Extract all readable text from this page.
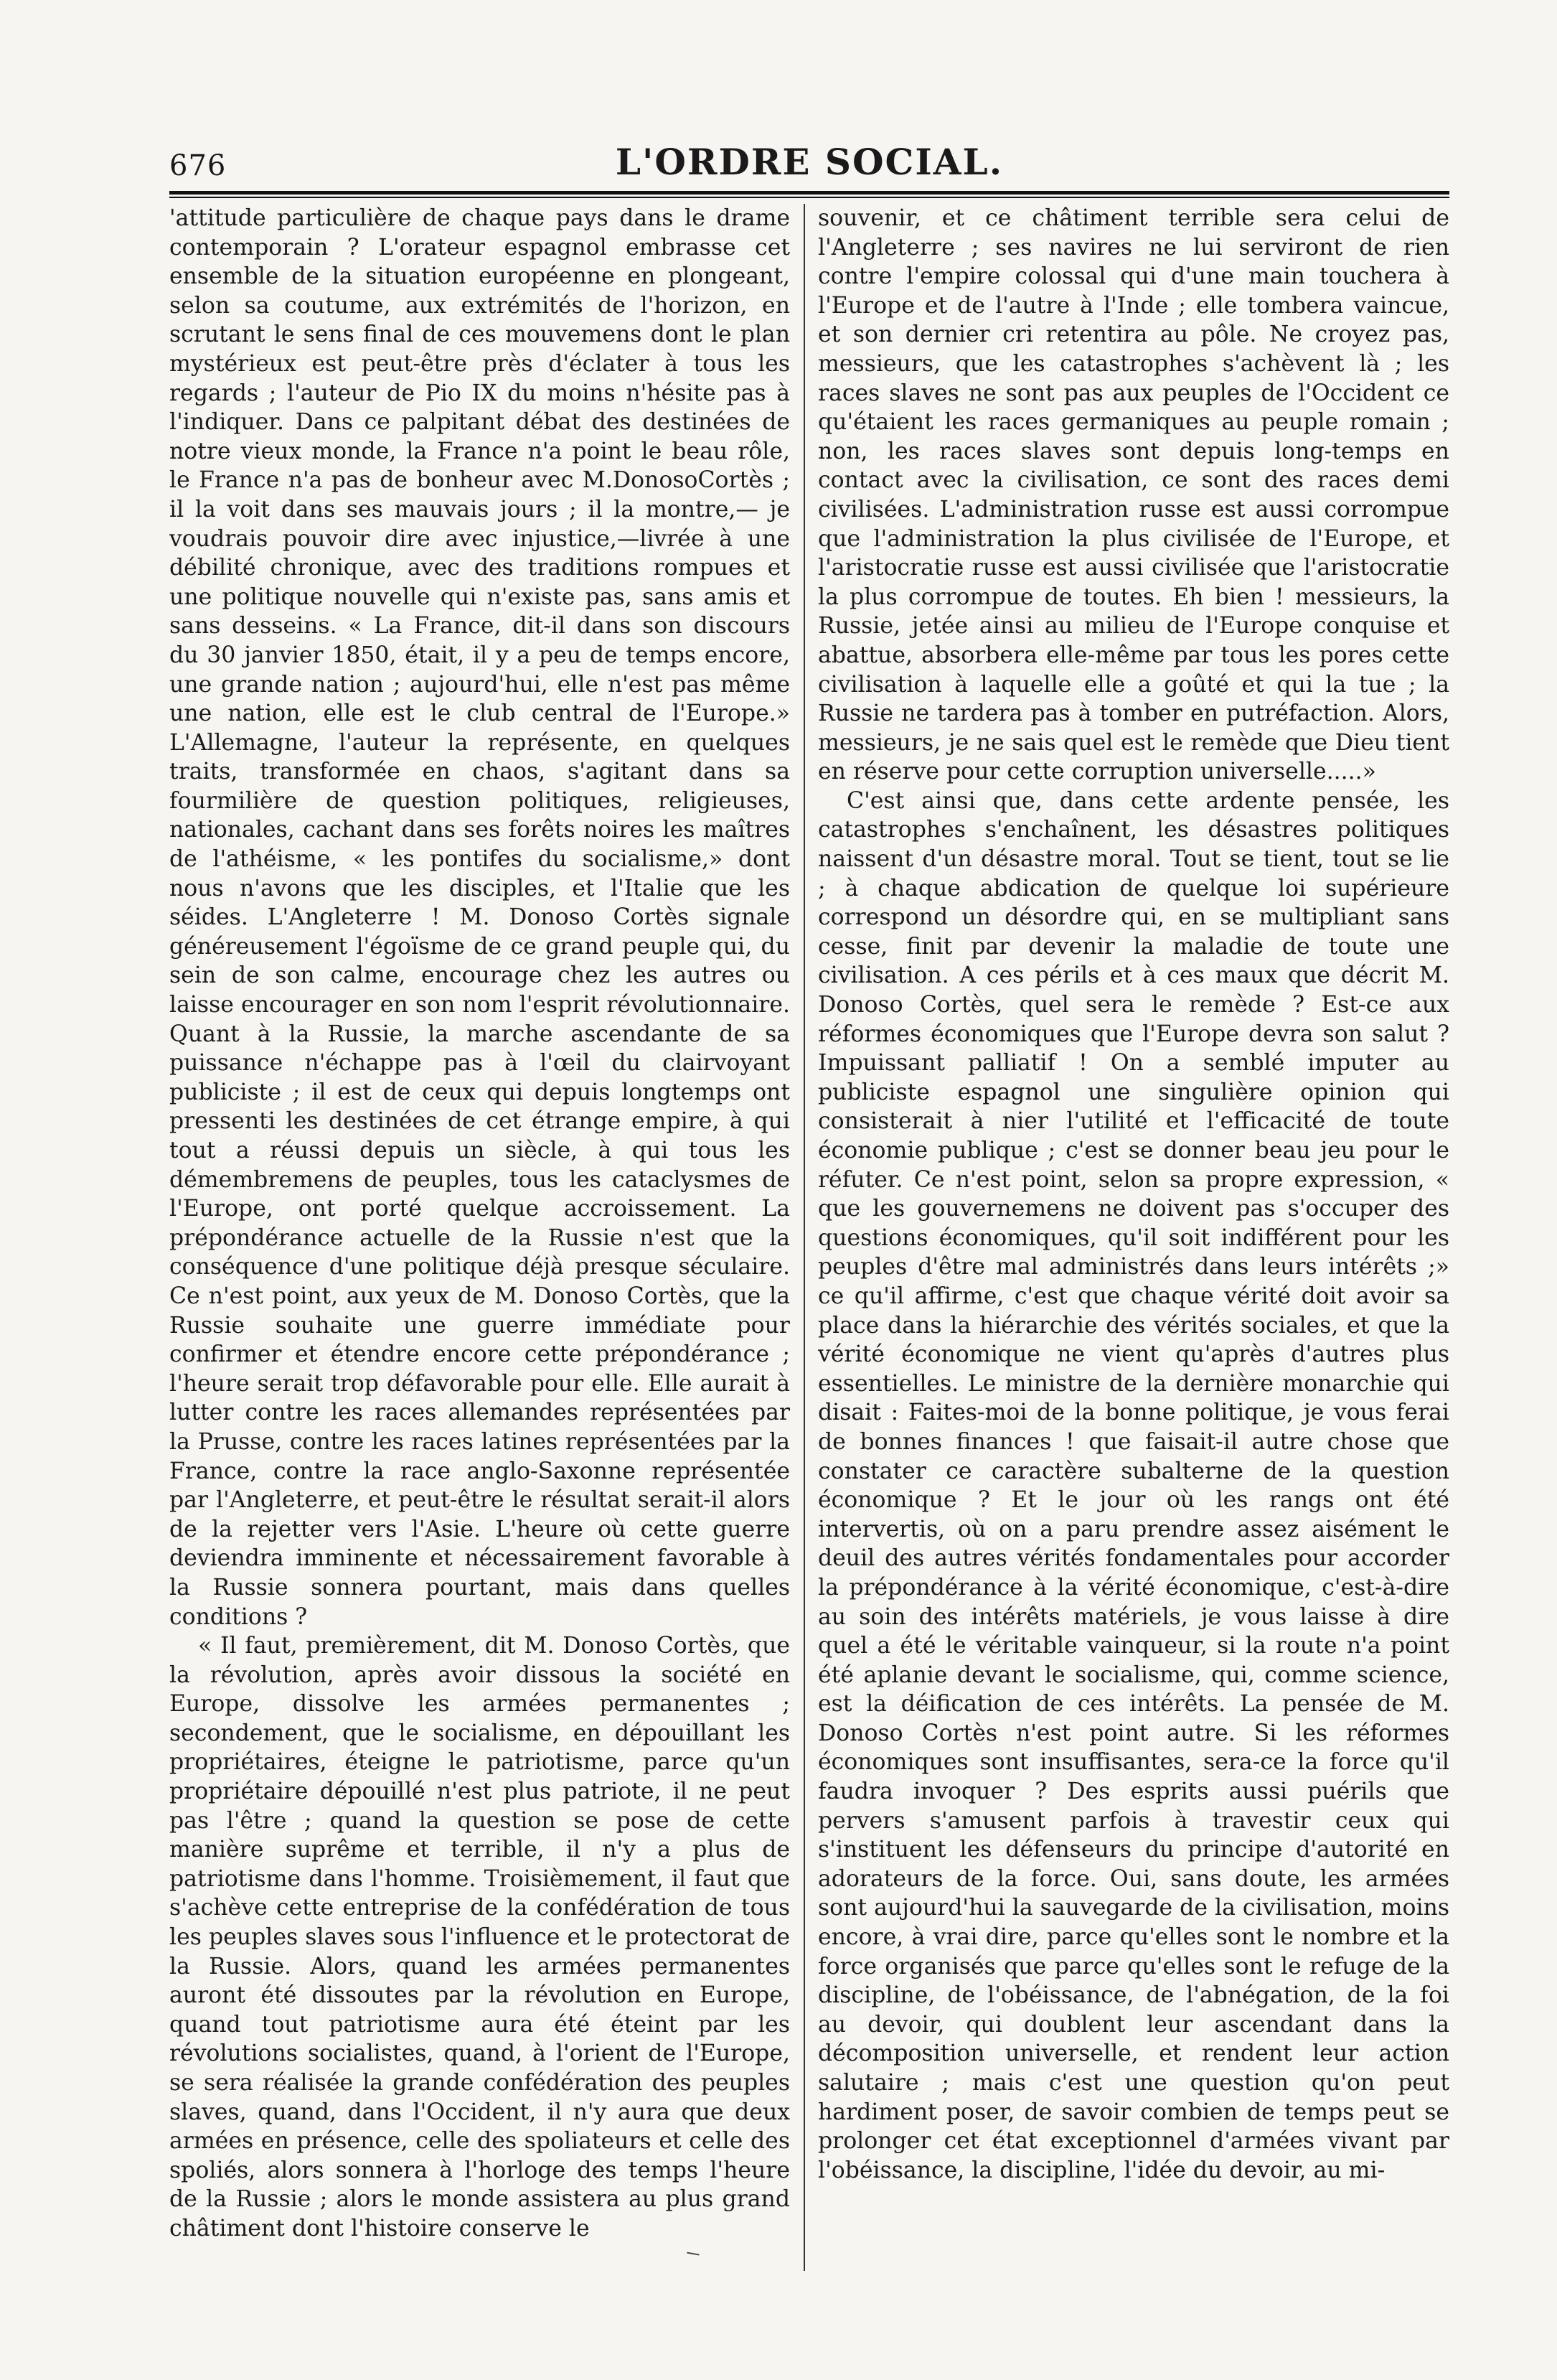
676	L'ORDRE SOCIAL.

'attitude particulière de chaque pays dans le drame contemporain ? L'orateur espagnol embrasse cet ensemble de la situation européenne en plongeant, selon sa coutume, aux extrémités de l'horizon, en scrutant le sens final de ces mouvemens dont le plan mystérieux est peut-être près d'éclater à tous les regards ; l'auteur de Pio IX du moins n'hésite pas à l'indiquer. Dans ce palpitant débat des destinées de notre vieux monde, la France n'a point le beau rôle, le France n'a pas de bonheur avec M.DonosoCortès ; il la voit dans ses mauvais jours ; il la montre,— je voudrais pouvoir dire avec injustice,—livrée à une débilité chronique, avec des traditions rompues et une politique nouvelle qui n'existe pas, sans amis et sans desseins. « La France, dit-il dans son discours du 30 janvier 1850, était, il y a peu de temps encore, une grande nation ; aujourd'hui, elle n'est pas même une nation, elle est le club central de l'Europe.» L'Allemagne, l'auteur la représente, en quelques traits, transformée en chaos, s'agitant dans sa fourmilière de question politiques, religieuses, nationales, cachant dans ses forêts noires les maîtres de l'athéisme, « les pontifes du socialisme,» dont nous n'avons que les disciples, et l'Italie que les séides. L'Angleterre ! M. Donoso Cortès signale généreusement l'égoïsme de ce grand peuple qui, du sein de son calme, encourage chez les autres ou laisse encourager en son nom l'esprit révolutionnaire. Quant à la Russie, la marche ascendante de sa puissance n'échappe pas à l'œil du clairvoyant publiciste ; il est de ceux qui depuis longtemps ont pressenti les destinées de cet étrange empire, à qui tout a réussi depuis un siècle, à qui tous les démembremens de peuples, tous les cataclysmes de l'Europe, ont porté quelque accroissement. La prépondérance actuelle de la Russie n'est que la conséquence d'une politique déjà presque séculaire. Ce n'est point, aux yeux de M. Donoso Cortès, que la Russie souhaite une guerre immédiate pour confirmer et étendre encore cette prépondérance ; l'heure serait trop défavorable pour elle. Elle aurait à lutter contre les races allemandes représentées par la Prusse, contre les races latines représentées par la France, contre la race anglo-Saxonne représentée par l'Angleterre, et peut-être le résultat serait-il alors de la rejetter vers l'Asie. L'heure où cette guerre deviendra imminente et nécessairement favorable à la Russie sonnera pourtant, mais dans quelles conditions ?

« Il faut, premièrement, dit M. Donoso Cortès, que la révolution, après avoir dissous la société en Europe, dissolve les armées permanentes ; secondement, que le socialisme, en dépouillant les propriétaires, éteigne le patriotisme, parce qu'un propriétaire dépouillé n'est plus patriote, il ne peut pas l'être ; quand la question se pose de cette manière suprême et terrible, il n'y a plus de patriotisme dans l'homme. Troisièmement, il faut que s'achève cette entreprise de la confédération de tous les peuples slaves sous l'influence et le protectorat de la Russie. Alors, quand les armées permanentes auront été dissoutes par la révolution en Europe, quand tout patriotisme aura été éteint par les révolutions socialistes, quand, à l'orient de l'Europe, se sera réalisée la grande confédération des peuples slaves, quand, dans l'Occident, il n'y aura que deux armées en présence, celle des spoliateurs et celle des spoliés, alors sonnera à l'horloge des temps l'heure de la Russie ; alors le monde assistera au plus grand châtiment dont l'histoire conserve le

souvenir, et ce châtiment terrible sera celui de l'Angleterre ; ses navires ne lui serviront de rien contre l'empire colossal qui d'une main touchera à l'Europe et de l'autre à l'Inde ; elle tombera vaincue, et son dernier cri retentira au pôle. Ne croyez pas, messieurs, que les catastrophes s'achèvent là ; les races slaves ne sont pas aux peuples de l'Occident ce qu'étaient les races germaniques au peuple romain ; non, les races slaves sont depuis long-temps en contact avec la civilisation, ce sont des races demi civilisées. L'administration russe est aussi corrompue que l'administration la plus civilisée de l'Europe, et l'aristocratie russe est aussi civilisée que l'aristocratie la plus corrompue de toutes. Eh bien ! messieurs, la Russie, jetée ainsi au milieu de l'Europe conquise et abattue, absorbera elle-même par tous les pores cette civilisation à laquelle elle a goûté et qui la tue ; la Russie ne tardera pas à tomber en putréfaction. Alors, messieurs, je ne sais quel est le remède que Dieu tient en réserve pour cette corruption universelle.....»

C'est ainsi que, dans cette ardente pensée, les catastrophes s'enchaînent, les désastres politiques naissent d'un désastre moral. Tout se tient, tout se lie ; à chaque abdication de quelque loi supérieure correspond un désordre qui, en se multipliant sans cesse, finit par devenir la maladie de toute une civilisation. A ces périls et à ces maux que décrit M. Donoso Cortès, quel sera le remède ? Est-ce aux réformes économiques que l'Europe devra son salut ? Impuissant palliatif ! On a semblé imputer au publiciste espagnol une singulière opinion qui consisterait à nier l'utilité et l'efficacité de toute économie publique ; c'est se donner beau jeu pour le réfuter. Ce n'est point, selon sa propre expression, « que les gouvernemens ne doivent pas s'occuper des questions économiques, qu'il soit indifférent pour les peuples d'être mal administrés dans leurs intérêts ;» ce qu'il affirme, c'est que chaque vérité doit avoir sa place dans la hiérarchie des vérités sociales, et que la vérité économique ne vient qu'après d'autres plus essentielles. Le ministre de la dernière monarchie qui disait : Faites-moi de la bonne politique, je vous ferai de bonnes finances ! que faisait-il autre chose que constater ce caractère subalterne de la question économique ? Et le jour où les rangs ont été intervertis, où on a paru prendre assez aisément le deuil des autres vérités fondamentales pour accorder la prépondérance à la vérité économique, c'est-à-dire au soin des intérêts matériels, je vous laisse à dire quel a été le véritable vainqueur, si la route n'a point été aplanie devant le socialisme, qui, comme science, est la déification de ces intérêts. La pensée de M. Donoso Cortès n'est point autre. Si les réformes économiques sont insuffisantes, sera-ce la force qu'il faudra invoquer ? Des esprits aussi puérils que pervers s'amusent parfois à travestir ceux qui s'instituent les défenseurs du principe d'autorité en adorateurs de la force. Oui, sans doute, les armées sont aujourd'hui la sauvegarde de la civilisation, moins encore, à vrai dire, parce qu'elles sont le nombre et la force organisés que parce qu'elles sont le refuge de la discipline, de l'obéissance, de l'abnégation, de la foi au devoir, qui doublent leur ascendant dans la décomposition universelle, et rendent leur action salutaire ; mais c'est une question qu'on peut hardiment poser, de savoir combien de temps peut se prolonger cet état exceptionnel d'armées vivant par l'obéissance, la discipline, l'idée du devoir, au mi-

⸌
